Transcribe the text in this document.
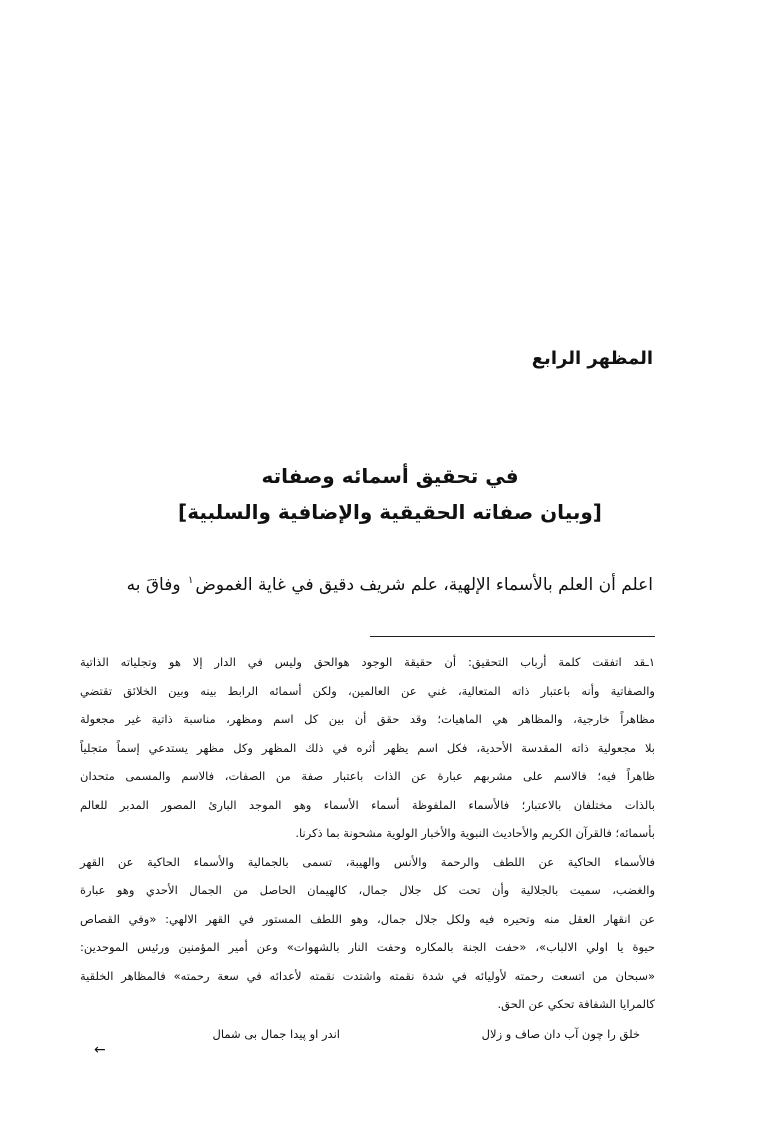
المظهر الرابع
في تحقيق أسمائه وصفاته
[وبيان صفاته الحقيقية والإضافية والسلبية]
اعلم أن العلم بالأسماء الإلهية، علم شريف دقيق في غاية الغموض$^١$ وفاقَ به
١ـقد اتفقت كلمة أرباب التحقيق: أن حقيقة الوجود هوالحق وليس في الدار إلا هو وتجلياته الذاتية
والصفاتية وأنه باعتبار ذاته المتعالية، غني عن العالمين، ولكن أسمائه الرابط بينه وبين الخلائق تقتضي
مظاهراً خارجية، والمظاهر هي الماهيات؛ وقد حقق أن بين كل اسم ومظهر، مناسبة ذاتية غير مجعولة
بلا مجعولية ذاته المقدسة الأحدية، فكل اسم يظهر أثره في ذلك المظهر وكل مظهر يستدعي إسماً متجلياً
ظاهراً فيه؛ فالاسم على مشربهم عبارة عن الذات باعتبار صفة من الصفات، فالاسم والمسمى متحدان
بالذات مختلفان بالاعتبار؛ فالأسماء الملفوظة أسماء الأسماء وهو الموجد البارئ المصور المدبر للعالم
بأسمائه؛ فالقرآن الكريم والأحاديث النبوية والأخبار الولوية مشحونة بما ذكرنا.
فالأسماء الحاكية عن اللطف والرحمة والأنس والهيبة، تسمى بالجمالية والأسماء الحاكية عن القهر
والغضب، سميت بالجلالية وأن تحت كل جلال جمال، كالهيمان الحاصل من الجمال الأحدي وهو عبارة
عن انقهار العقل منه وتحيره فيه ولكل جلال جمال، وهو اللطف المستور في القهر الالهي: «وفي القصاص
حيوة يا اولي الالباب»، «حفت الجنة بالمكاره وحفت النار بالشهوات» وعن أمير المؤمنين ورئيس الموحدين:
«سبحان من اتسعت رحمته لأوليائه في شدة نقمته واشتدت نقمته لأعدائه في سعة رحمته» فالمظاهر الخلقية
كالمرايا الشفافة تحكي عن الحق.
خلق را چون آب دان صاف و زلال
اندر او پیدا جمال بی شمال
←
